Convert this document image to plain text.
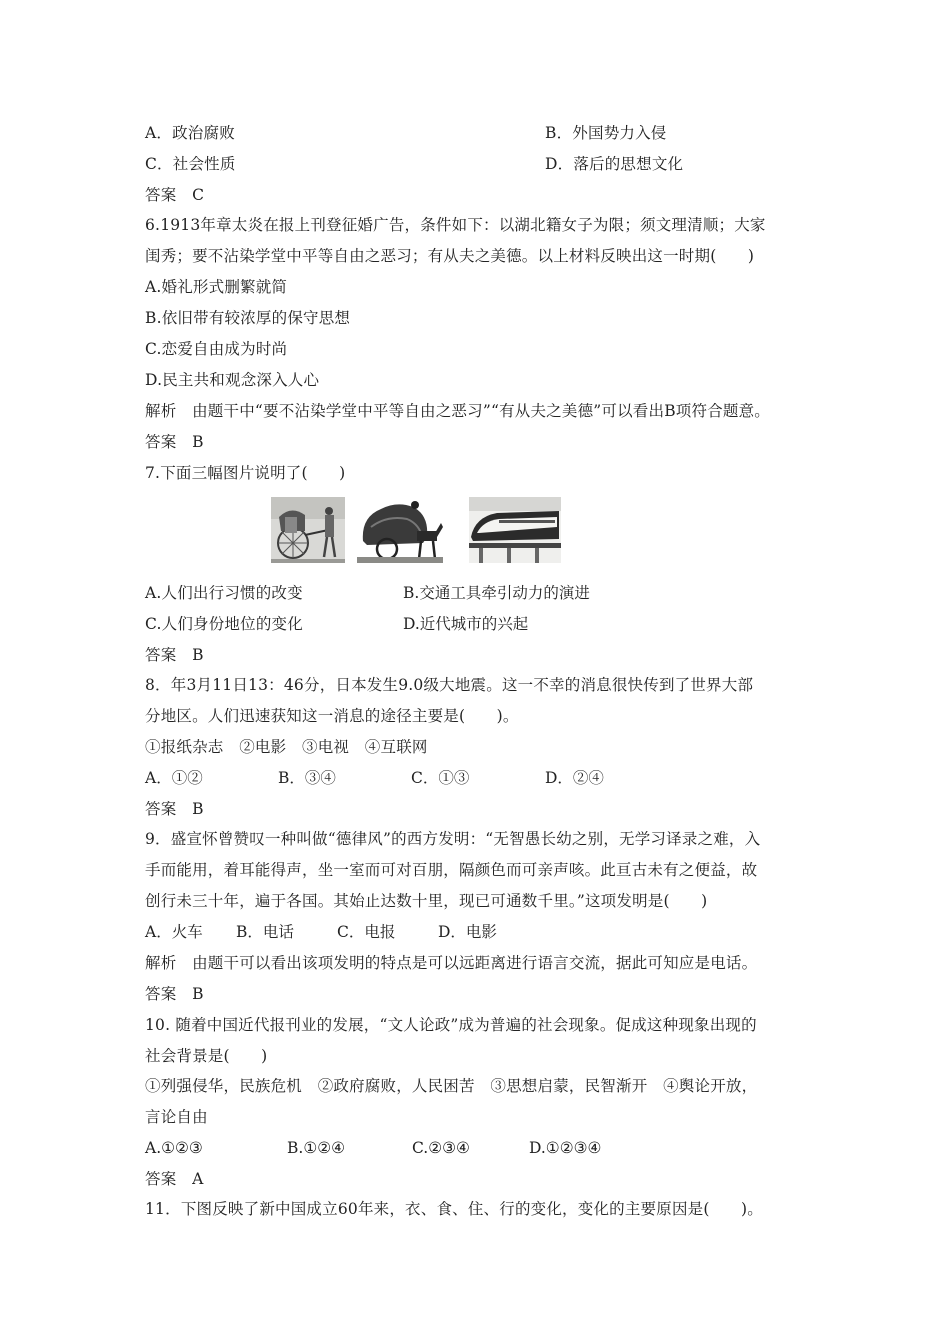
A．政治腐败	B．外国势力入侵
C．社会性质	D．落后的思想文化
答案　C
6.1913年章太炎在报上刊登征婚广告，条件如下：以湖北籍女子为限；须文理清顺；大家
闺秀；要不沾染学堂中平等自由之恶习；有从夫之美德。以上材料反映出这一时期(　　)
A.婚礼形式删繁就简
B.依旧带有较浓厚的保守思想
C.恋爱自由成为时尚
D.民主共和观念深入人心
解析　由题干中“要不沾染学堂中平等自由之恶习”“有从夫之美德”可以看出B项符合题意。
答案　B
7.下面三幅图片说明了(　　)
A.人们出行习惯的改变	B.交通工具牵引动力的演进
C.人们身份地位的变化	D.近代城市的兴起
答案　B
8．年3月11日13：46分，日本发生9.0级大地震。这一不幸的消息很快传到了世界大部
分地区。人们迅速获知这一消息的途径主要是(　　)。
①报纸杂志　②电影　③电视　④互联网
A．①②	B．③④	C．①③	D．②④
答案　B
9．盛宣怀曾赞叹一种叫做“德律风”的西方发明：“无智愚长幼之别，无学习译录之难，入
手而能用，着耳能得声，坐一室而可对百朋，隔颜色而可亲声咳。此亘古未有之便益，故
创行未三十年，遍于各国。其始止达数十里，现已可通数千里。”这项发明是(　　)
A．火车 B．电话	C．电报	D．电影
解析　由题干可以看出该项发明的特点是可以远距离进行语言交流，据此可知应是电话。
答案　B
10. 随着中国近代报刊业的发展，“文人论政”成为普遍的社会现象。促成这种现象出现的
社会背景是(　　)
①列强侵华，民族危机　②政府腐败，人民困苦　③思想启蒙，民智渐开　④舆论开放，
言论自由
A.①②③	B.①②④	C.②③④	D.①②③④
答案　A
11．下图反映了新中国成立60年来，衣、食、住、行的变化，变化的主要原因是(　　)。
